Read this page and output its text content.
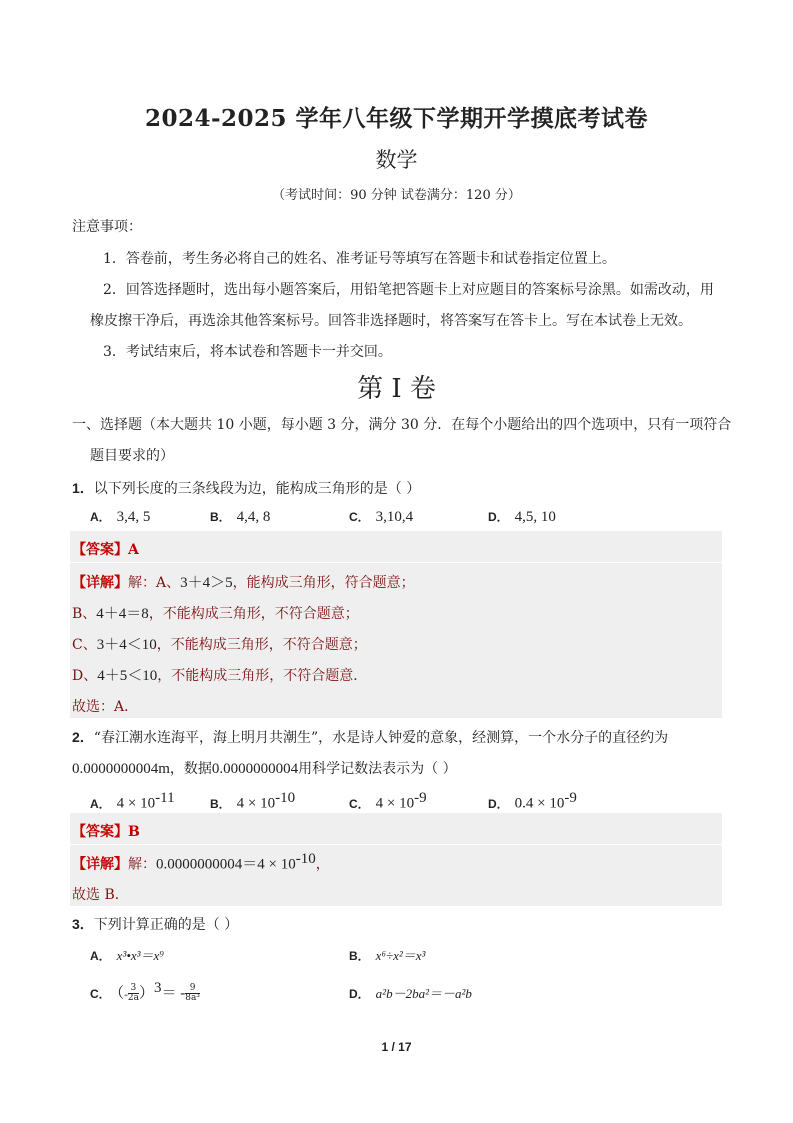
2024-2025 学年八年级下学期开学摸底考试卷
数学
（考试时间：90 分钟 试卷满分：120 分）
注意事项：
1．答卷前，考生务必将自己的姓名、准考证号等填写在答题卡和试卷指定位置上。
2．回答选择题时，选出每小题答案后，用铅笔把答题卡上对应题目的答案标号涂黑。如需改动，用
橡皮擦干净后，再选涂其他答案标号。回答非选择题时，将答案写在答卡上。写在本试卷上无效。
3．考试结束后，将本试卷和答题卡一并交回。
第 I 卷
一、选择题（本大题共 10 小题，每小题 3 分，满分 30 分．在每个小题给出的四个选项中，只有一项符合
题目要求的）
1．以下列长度的三条线段为边，能构成三角形的是（ ）
A． 3,4, 5	B． 4,4, 8	C． 3,10,4	D． 4,5, 10
【答案】A
【详解】解：A、3＋4＞5，能构成三角形，符合题意；
B、4＋4＝8，不能构成三角形，不符合题意；
C、3＋4＜10，不能构成三角形，不符合题意；
D、4＋5＜10，不能构成三角形，不符合题意．
故选：A．
2．“春江潮水连海平，海上明月共潮生”，水是诗人钟爱的意象，经测算，一个水分子的直径约为
0.0000000004m，数据0.0000000004用科学记数法表示为（ ）
A． $4 \times 10^{-11}$	B． $4 \times 10^{-10}$	C． $4 \times 10^{-9}$	D． $0.4 \times 10^{-9}$
【答案】B
【详解】解：$0.0000000004=4 \times 10^{-10}$，
故选 B．
3．下列计算正确的是（ ）
A． x³•x³＝x⁹	B． x⁶÷x²＝x³
C． （- $\frac{3}{2a} )^3= - \frac{9}{\text{8a³}}$	D． a²b－2ba²＝－a²b
1 / 17
